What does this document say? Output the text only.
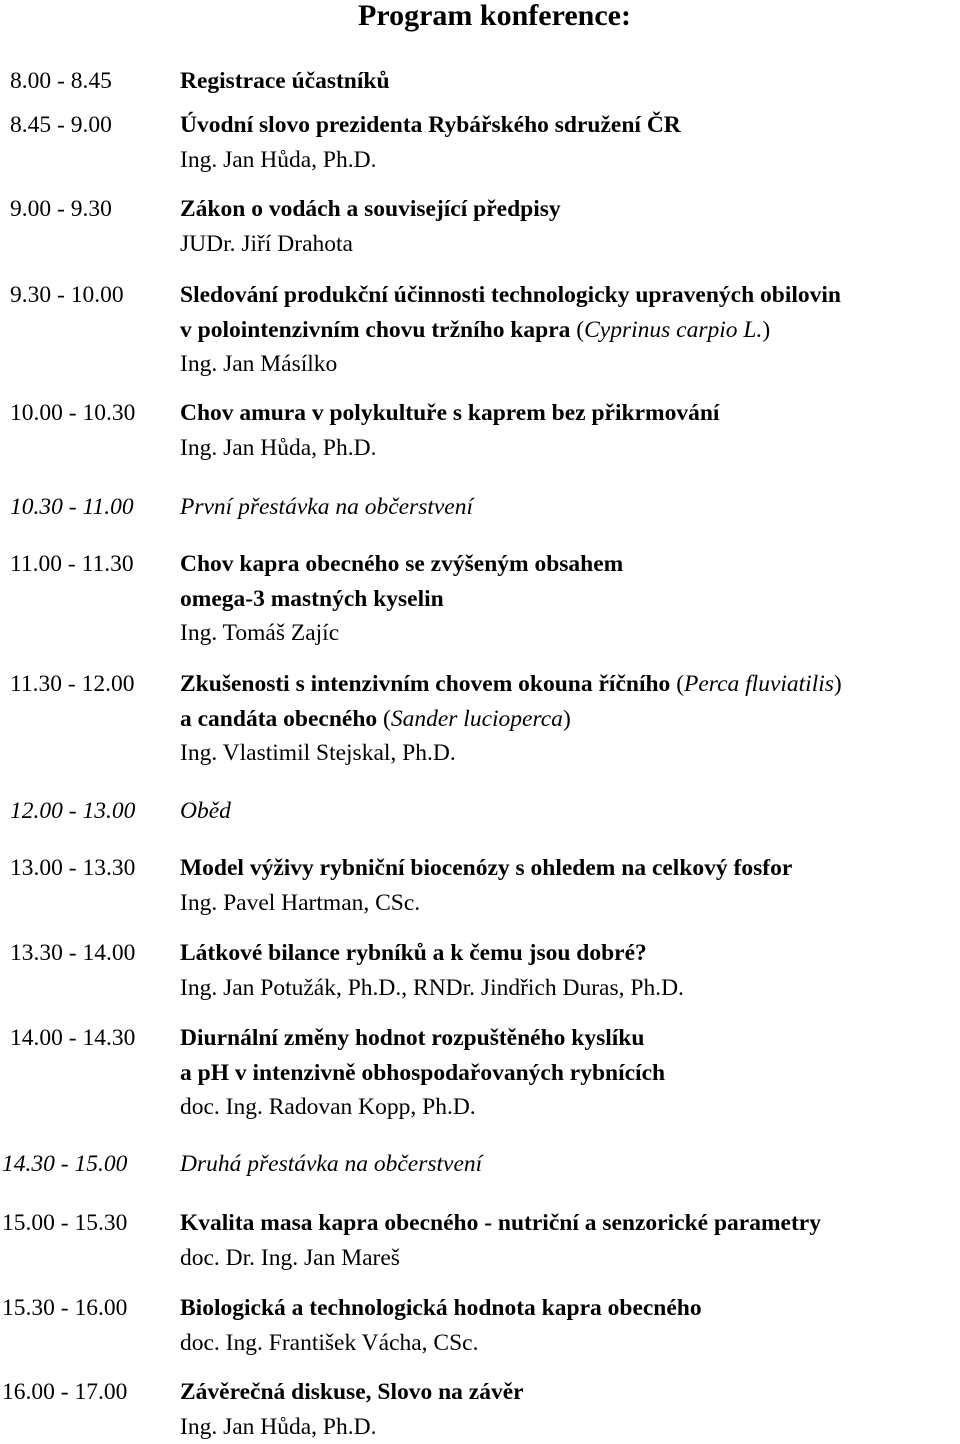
Program konference:
8.00 - 8.45	Registrace účastníků
8.45 - 9.00	Úvodní slovo prezidenta Rybářského sdružení ČR
Ing. Jan Hůda, Ph.D.
9.00 - 9.30	Zákon o vodách a související předpisy
JUDr. Jiří Drahota
9.30 - 10.00 Sledování produkční účinnosti technologicky upravených obilovin
v polointenzivním chovu tržního kapra (Cyprinus carpio L.)
Ing. Jan Másílko
10.00 - 10.30 Chov amura v polykultuře s kaprem bez přikrmování
Ing. Jan Hůda, Ph.D.
10.30 - 11.00 První přestávka na občerstvení
11.00 - 11.30 Chov kapra obecného se zvýšeným obsahem
omega-3 mastných kyselin
Ing. Tomáš Zajíc
11.30 - 12.00 Zkušenosti s intenzivním chovem okouna říčního (Perca fluviatilis)
a candáta obecného (Sander lucioperca)
Ing. Vlastimil Stejskal, Ph.D.
12.00 - 13.00 Oběd
13.00 - 13.30 Model výživy rybniční biocenózy s ohledem na celkový fosfor
Ing. Pavel Hartman, CSc.
13.30 - 14.00 Látkové bilance rybníků a k čemu jsou dobré?
Ing. Jan Potužák, Ph.D., RNDr. Jindřich Duras, Ph.D.
14.00 - 14.30 Diurnální změny hodnot rozpuštěného kyslíku
a pH v intenzivně obhospodařovaných rybnících
doc. Ing. Radovan Kopp, Ph.D.
14.30 - 15.00 Druhá přestávka na občerstvení
15.00 - 15.30 Kvalita masa kapra obecného - nutriční a senzorické parametry
doc. Dr. Ing. Jan Mareš
15.30 - 16.00 Biologická a technologická hodnota kapra obecného
doc. Ing. František Vácha, CSc.
16.00 - 17.00 Závěrečná diskuse, Slovo na závěr
Ing. Jan Hůda, Ph.D.
